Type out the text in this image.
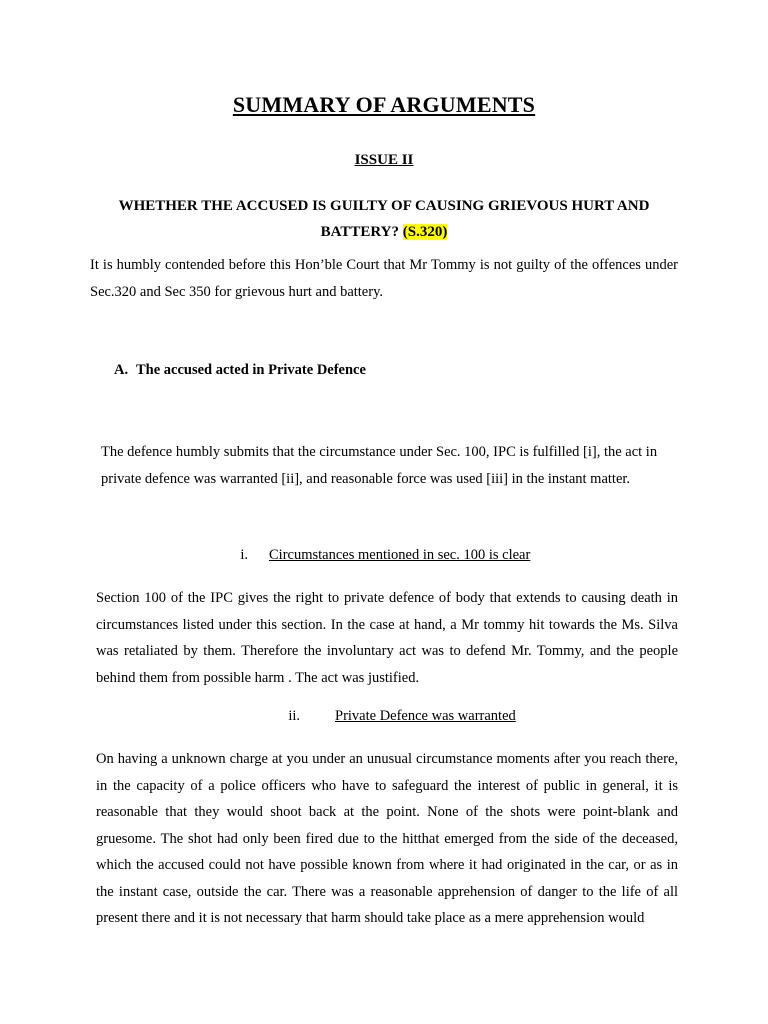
SUMMARY OF ARGUMENTS
ISSUE II
WHETHER THE ACCUSED IS GUILTY OF CAUSING GRIEVOUS HURT AND BATTERY? (S.320)
It is humbly contended before this Hon’ble Court that Mr Tommy is not guilty of the offences under Sec.320 and Sec 350 for grievous hurt and battery.
A. The accused acted in Private Defence
The defence humbly submits that the circumstance under Sec. 100, IPC is fulfilled [i], the act in private defence was warranted [ii], and reasonable force was used [iii] in the instant matter.
i. Circumstances mentioned in sec. 100 is clear
Section 100 of the IPC gives the right to private defence of body that extends to causing death in circumstances listed under this section. In the case at hand, a Mr tommy hit towards the Ms. Silva was retaliated by them. Therefore the involuntary act was to defend Mr. Tommy, and the people behind them from possible harm . The act was justified.
ii. Private Defence was warranted
On having a unknown charge at you under an unusual circumstance moments after you reach there, in the capacity of a police officers who have to safeguard the interest of public in general, it is reasonable that they would shoot back at the point. None of the shots were point-blank and gruesome. The shot had only been fired due to the hitthat emerged from the side of the deceased, which the accused could not have possible known from where it had originated in the car, or as in the instant case, outside the car. There was a reasonable apprehension of danger to the life of all present there and it is not necessary that harm should take place as a mere apprehension would
